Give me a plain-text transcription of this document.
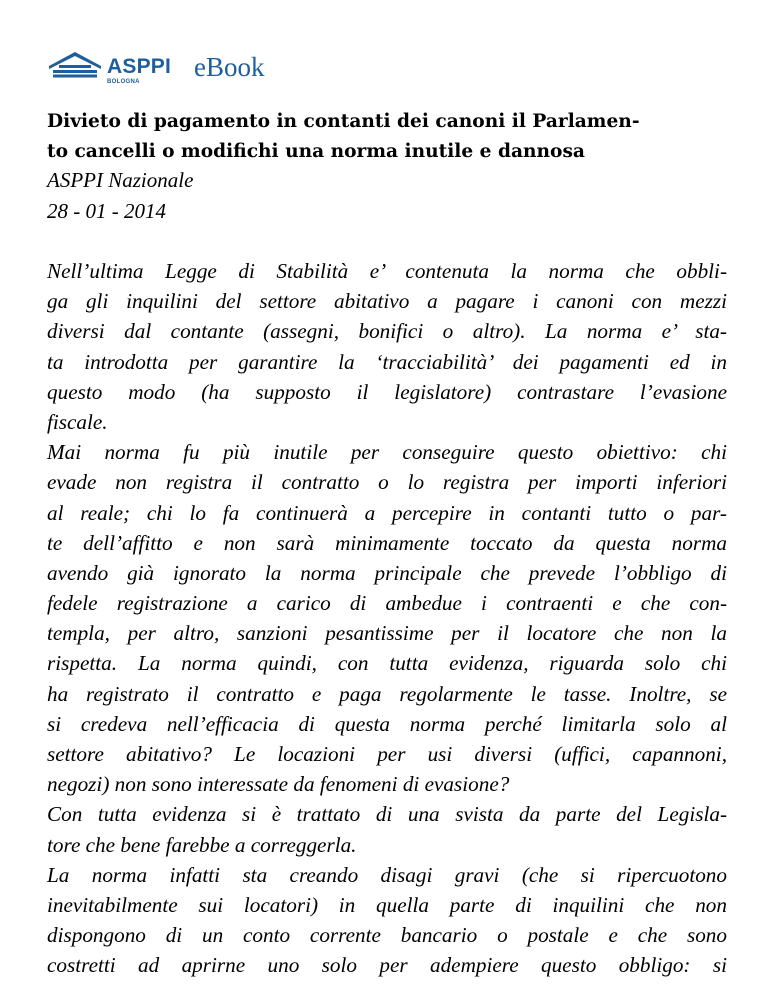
ASPPI
BOLOGNA	eBook
Divieto di pagamento in contanti dei canoni il Parlamen-
to cancelli o modifichi una norma inutile e dannosa
ASPPI Nazionale
28 - 01 - 2014
Nell’ultima Legge di Stabilità e’ contenuta la norma che obbli-
ga gli inquilini del settore abitativo a pagare i canoni con mezzi
diversi dal contante (assegni, bonifici o altro). La norma e’ sta-
ta introdotta per garantire la ‘tracciabilità’ dei pagamenti ed in
questo modo (ha supposto il legislatore) contrastare l’evasione
fiscale.
Mai norma fu più inutile per conseguire questo obiettivo: chi
evade non registra il contratto o lo registra per importi inferiori
al reale; chi lo fa continuerà a percepire in contanti tutto o par-
te dell’affitto e non sarà minimamente toccato da questa norma
avendo già ignorato la norma principale che prevede l’obbligo di
fedele registrazione a carico di ambedue i contraenti e che con-
templa, per altro, sanzioni pesantissime per il locatore che non la
rispetta. La norma quindi, con tutta evidenza, riguarda solo chi
ha registrato il contratto e paga regolarmente le tasse. Inoltre, se
si credeva nell’efficacia di questa norma perché limitarla solo al
settore abitativo? Le locazioni per usi diversi (uffici, capannoni,
negozi) non sono interessate da fenomeni di evasione?
Con tutta evidenza si è trattato di una svista da parte del Legisla-
tore che bene farebbe a correggerla.
La norma infatti sta creando disagi gravi (che si ripercuotono
inevitabilmente sui locatori) in quella parte di inquilini che non
dispongono di un conto corrente bancario o postale e che sono
costretti ad aprirne uno solo per adempiere questo obbligo: si
